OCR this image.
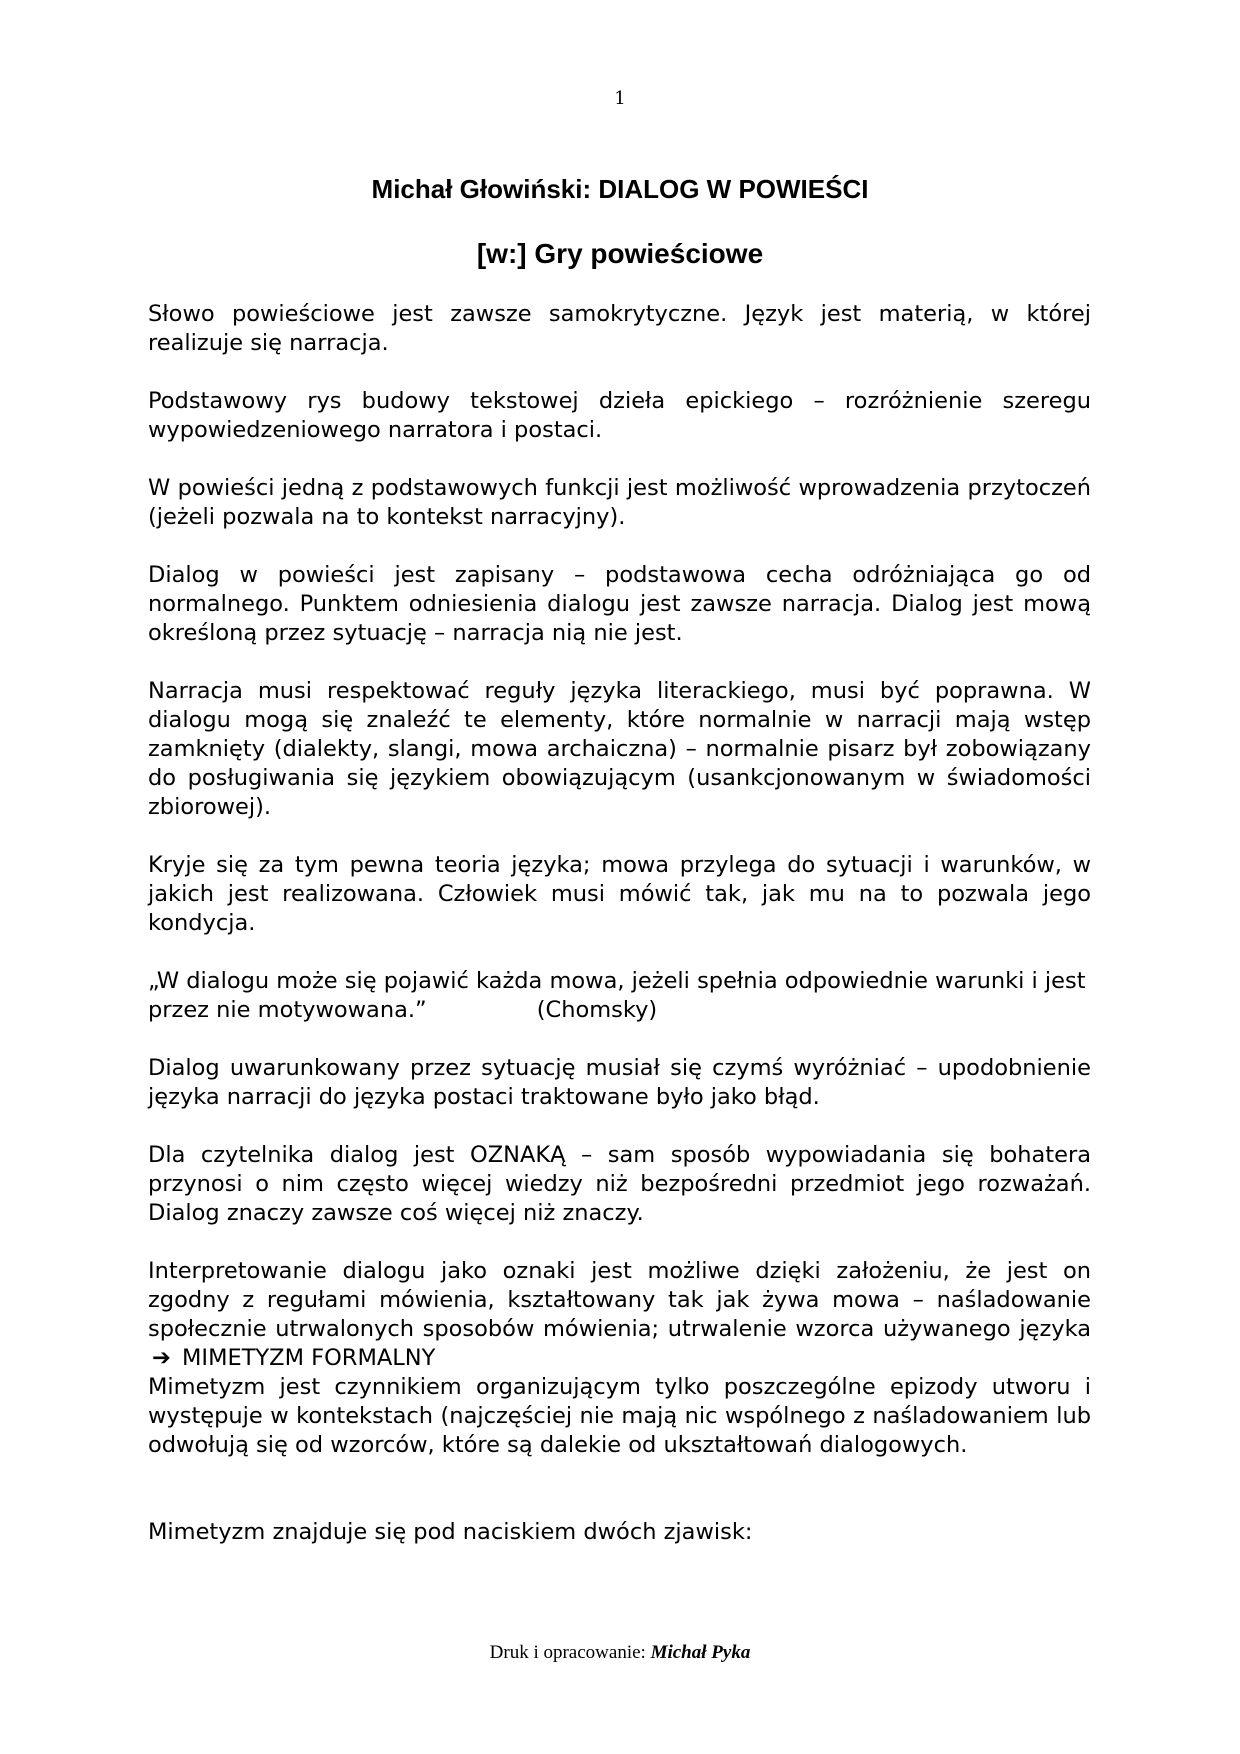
1
Michał Głowiński: DIALOG W POWIEŚCI
[w:] Gry powieściowe

Słowo powieściowe jest zawsze samokrytyczne. Język jest materią, w której realizuje się narracja.

Podstawowy rys budowy tekstowej dzieła epickiego – rozróżnienie szeregu wypowiedzeniowego narratora i postaci.

W powieści jedną z podstawowych funkcji jest możliwość wprowadzenia przytoczeń (jeżeli pozwala na to kontekst narracyjny).

Dialog w powieści jest zapisany – podstawowa cecha odróżniająca go od normalnego. Punktem odniesienia dialogu jest zawsze narracja. Dialog jest mową określoną przez sytuację – narracja nią nie jest.

Narracja musi respektować reguły języka literackiego, musi być poprawna. W dialogu mogą się znaleźć te elementy, które normalnie w narracji mają wstęp zamknięty (dialekty, slangi, mowa archaiczna) – normalnie pisarz był zobowiązany do posługiwania się językiem obowiązującym (usankcjonowanym w świadomości zbiorowej).

Kryje się za tym pewna teoria języka; mowa przylega do sytuacji i warunków, w jakich jest realizowana. Człowiek musi mówić tak, jak mu na to pozwala jego kondycja.

„W dialogu może się pojawić każda mowa, jeżeli spełnia odpowiednie warunki i jest przez nie motywowana.”	(Chomsky)

Dialog uwarunkowany przez sytuację musiał się czymś wyróżniać – upodobnienie języka narracji do języka postaci traktowane było jako błąd.

Dla czytelnika dialog jest OZNAKĄ – sam sposób wypowiadania się bohatera przynosi o nim często więcej wiedzy niż bezpośredni przedmiot jego rozważań. Dialog znaczy zawsze coś więcej niż znaczy.

Interpretowanie dialogu jako oznaki jest możliwe dzięki założeniu, że jest on zgodny z regułami mówienia, kształtowany tak jak żywa mowa – naśladowanie społecznie utrwalonych sposobów mówienia; utrwalenie wzorca używanego języka ➔ MIMETYZM FORMALNY

Mimetyzm jest czynnikiem organizującym tylko poszczególne epizody utworu i występuje w kontekstach (najczęściej nie mają nic wspólnego z naśladowaniem lub odwołują się od wzorców, które są dalekie od ukształtowań dialogowych.

Mimetyzm znajduje się pod naciskiem dwóch zjawisk:

Druk i opracowanie: Michał Pyka
